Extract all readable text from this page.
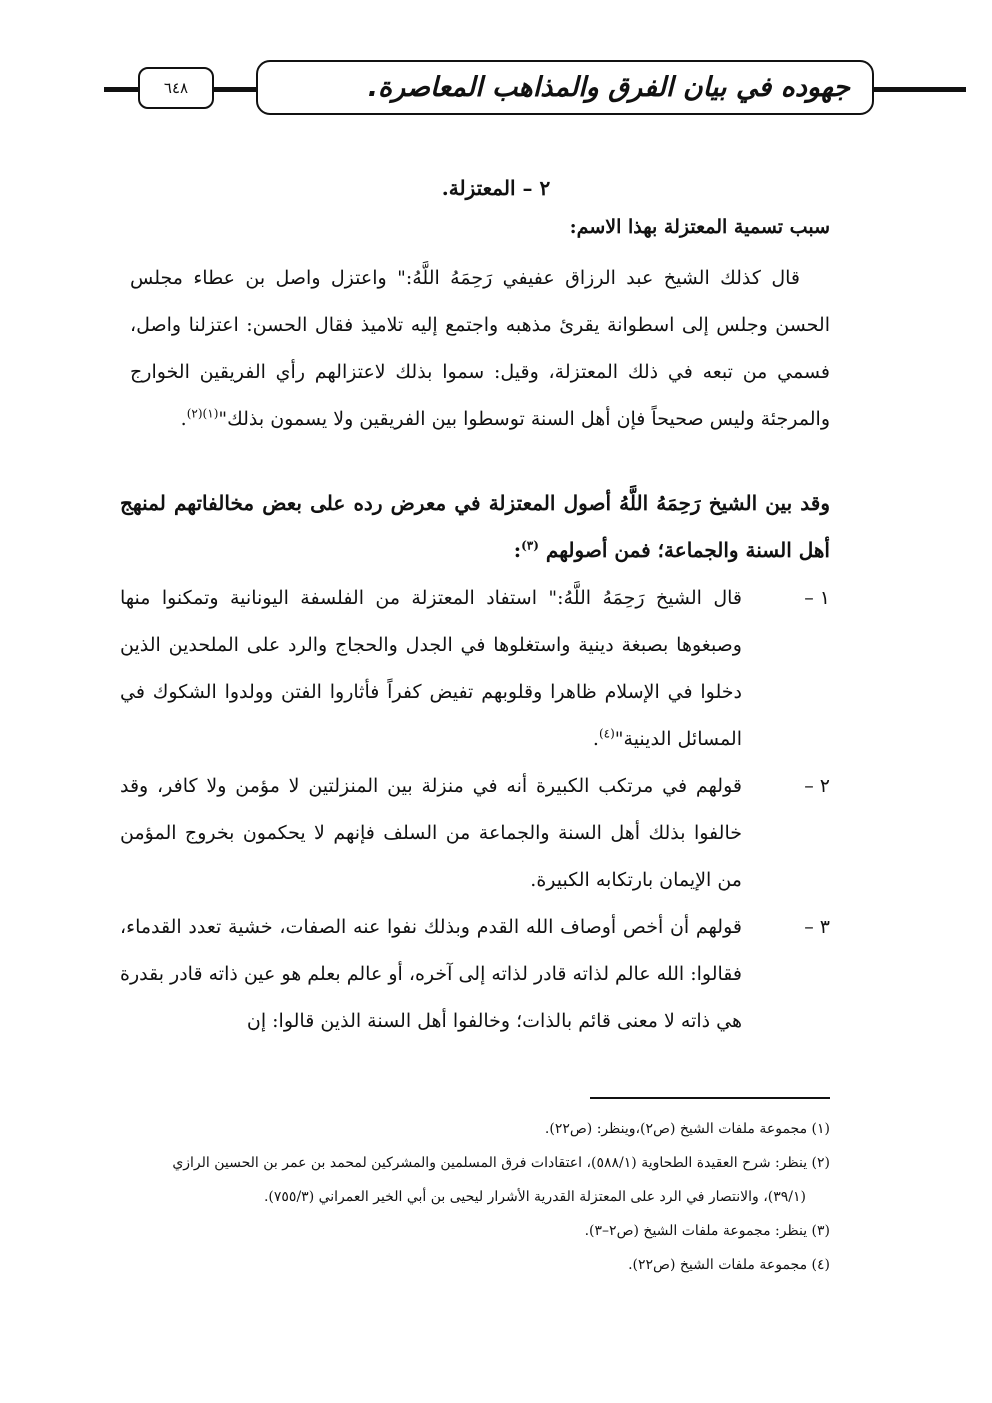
٦٤٨	جهوده في بيان الفرق والمذاهب المعاصرة.
٢ – المعتزلة.
سبب تسمية المعتزلة بهذا الاسم:
قال كذلك الشيخ عبد الرزاق عفيفي رَحِمَهُ اللَّهُ:" واعتزل واصل بن عطاء مجلس الحسن وجلس إلى اسطوانة يقرئ مذهبه واجتمع إليه تلاميذ فقال الحسن: اعتزلنا واصل، فسمي من تبعه في ذلك المعتزلة، وقيل: سموا بذلك لاعتزالهم رأي الفريقين الخوارج والمرجئة وليس صحيحاً فإن أهل السنة توسطوا بين الفريقين ولا يسمون بذلك"$^{(١)(٢)}$.
وقد بين الشيخ رَحِمَهُ اللَّهُ أصول المعتزلة في معرض رده على بعض مخالفاتهم لمنهج أهل السنة والجماعة؛ فمن أصولهم $^{(٣)}$:
١ –
قال الشيخ رَحِمَهُ اللَّهُ:" استفاد المعتزلة من الفلسفة اليونانية وتمكنوا منها وصبغوها بصبغة دينية واستغلوها في الجدل والحجاج والرد على الملحدين الذين دخلوا في الإسلام ظاهرا وقلوبهم تفيض كفراً فأثاروا الفتن وولدوا الشكوك في المسائل الدينية"$^{(٤)}$.
٢ –
قولهم في مرتكب الكبيرة أنه في منزلة بين المنزلتين لا مؤمن ولا كافر، وقد خالفوا بذلك أهل السنة والجماعة من السلف فإنهم لا يحكمون بخروج المؤمن من الإيمان بارتكابه الكبيرة.
٣ –
قولهم أن أخص أوصاف الله القدم وبذلك نفوا عنه الصفات، خشية تعدد القدماء، فقالوا: الله عالم لذاته قادر لذاته إلى آخره، أو عالم بعلم هو عين ذاته قادر بقدرة هي ذاته لا معنى قائم بالذات؛ وخالفوا أهل السنة الذين قالوا: إن
(١) مجموعة ملفات الشيخ (ص٢)،وينظر: (ص٢٢).
(٢) ينظر: شرح العقيدة الطحاوية (٥٨٨/١)، اعتقادات فرق المسلمين والمشركين لمحمد بن عمر بن الحسين الرازي
(٣٩/١)، والانتصار في الرد على المعتزلة القدرية الأشرار ليحيى بن أبي الخير العمراني (٧٥٥/٣).
(٣) ينظر: مجموعة ملفات الشيخ (ص٢–٣).
(٤) مجموعة ملفات الشيخ (ص٢٢).
